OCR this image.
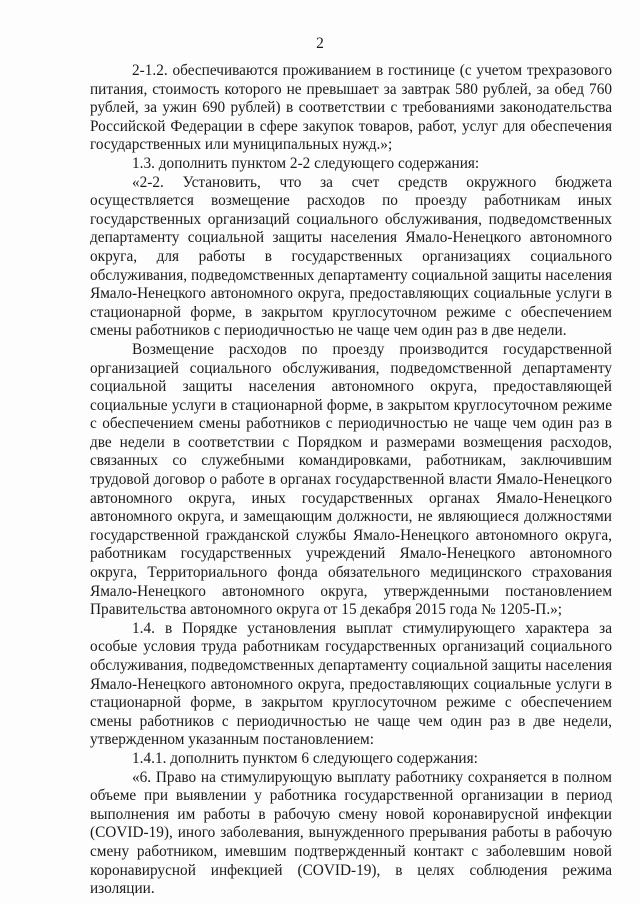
2

2-1.2. обеспечиваются проживанием в гостинице (с учетом трехразового питания, стоимость которого не превышает за завтрак 580 рублей, за обед 760 рублей, за ужин 690 рублей) в соответствии с требованиями законодательства Российской Федерации в сфере закупок товаров, работ, услуг для обеспечения государственных или муниципальных нужд.»;

1.3. дополнить пунктом 2-2 следующего содержания:

«2-2. Установить, что за счет средств окружного бюджета осуществляется возмещение расходов по проезду работникам иных государственных организаций социального обслуживания, подведомственных департаменту социальной защиты населения Ямало-Ненецкого автономного округа, для работы в государственных организациях социального обслуживания, подведомственных департаменту социальной защиты населения Ямало-Ненецкого автономного округа, предоставляющих социальные услуги в стационарной форме, в закрытом круглосуточном режиме с обеспечением смены работников с периодичностью не чаще чем один раз в две недели.

Возмещение расходов по проезду производится государственной организацией социального обслуживания, подведомственной департаменту социальной защиты населения автономного округа, предоставляющей социальные услуги в стационарной форме, в закрытом круглосуточном режиме с обеспечением смены работников с периодичностью не чаще чем один раз в две недели в соответствии с Порядком и размерами возмещения расходов, связанных со служебными командировками, работникам, заключившим трудовой договор о работе в органах государственной власти Ямало-Ненецкого автономного округа, иных государственных органах Ямало-Ненецкого автономного округа, и замещающим должности, не являющиеся должностями государственной гражданской службы Ямало-Ненецкого автономного округа, работникам государственных учреждений Ямало-Ненецкого автономного округа, Территориального фонда обязательного медицинского страхования Ямало-Ненецкого автономного округа, утвержденными постановлением Правительства автономного округа от 15 декабря 2015 года № 1205-П.»;

1.4. в Порядке установления выплат стимулирующего характера за особые условия труда работникам государственных организаций социального обслуживания, подведомственных департаменту социальной защиты населения Ямало-Ненецкого автономного округа, предоставляющих социальные услуги в стационарной форме, в закрытом круглосуточном режиме с обеспечением смены работников с периодичностью не чаще чем один раз в две недели, утвержденном указанным постановлением:

1.4.1. дополнить пунктом 6 следующего содержания:

«6. Право на стимулирующую выплату работнику сохраняется в полном объеме при выявлении у работника государственной организации в период выполнения им работы в рабочую смену новой коронавирусной инфекции (COVID-19), иного заболевания, вынужденного прерывания работы в рабочую смену работником, имевшим подтвержденный контакт с заболевшим новой коронавирусной инфекцией (COVID-19), в целях соблюдения режима изоляции.
